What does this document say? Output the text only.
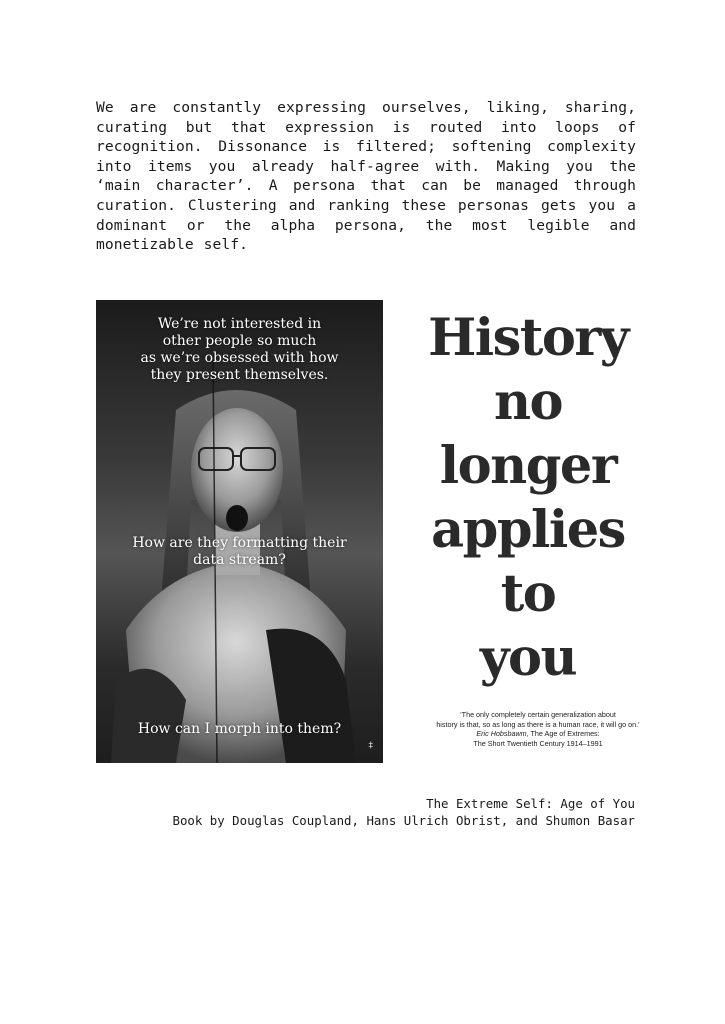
We are constantly expressing ourselves, liking, sharing, curating but that expression is routed into loops of recognition. Dissonance is filtered; softening complexity into items you already half-agree with. Making you the ‘main character’. A persona that can be managed through curation. Clustering and ranking these personas gets you a dominant or the alpha persona, the most legible and monetizable self.

We’re not interested in
other people so much
as we’re obsessed with how
they present themselves.
How are they formatting their
data stream?
How can I morph into them?
‡
History
no
longer
applies
to
you
‘The only completely certain generalization about
history is that, so as long as there is a human race, it will go on.’
Eric Hobsbawm, The Age of Extremes:
The Short Twentieth Century 1914–1991
The Extreme Self: Age of You
Book by Douglas Coupland, Hans Ulrich Obrist, and Shumon Basar
